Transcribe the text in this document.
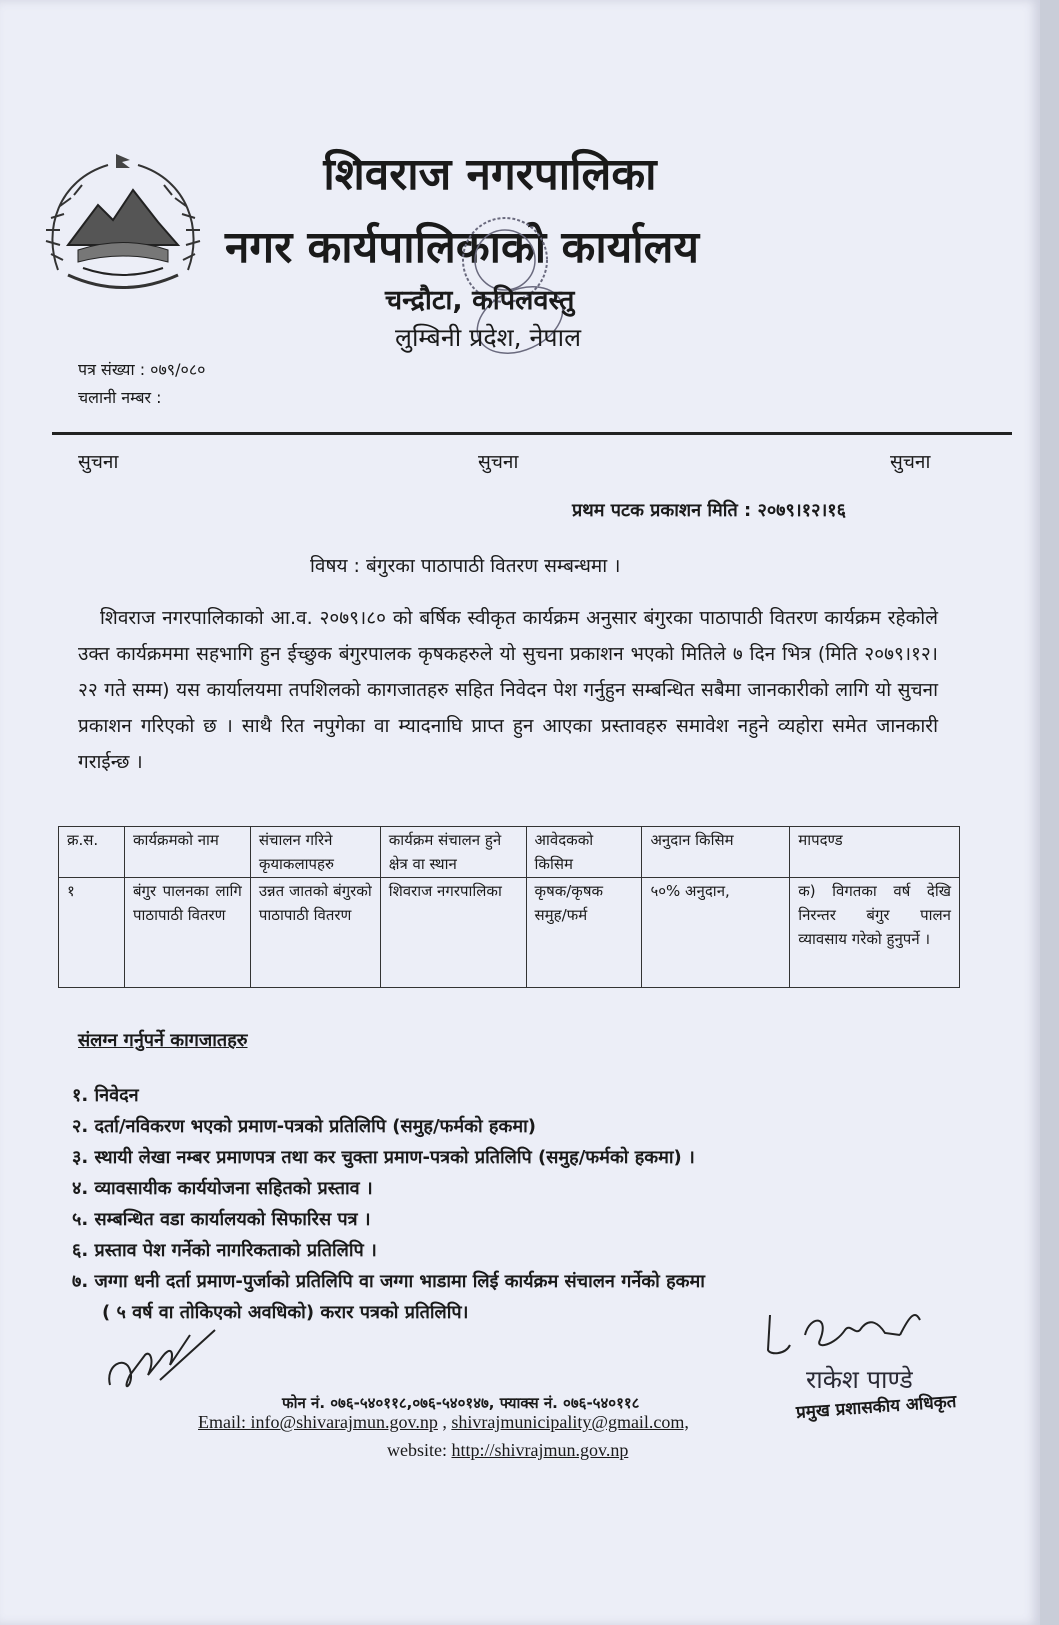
शिवराज नगरपालिका
नगर कार्यपालिकाको कार्यालय
चन्द्रौटा, कपिलवस्तु
लुम्बिनी प्रदेश, नेपाल
पत्र संख्या : ०७९/०८०
चलानी नम्बर :
सुचना	सुचना	सुचना
प्रथम पटक प्रकाशन मिति : २०७९।१२।१६
विषय : बंगुरका पाठापाठी वितरण सम्बन्धमा ।
शिवराज नगरपालिकाको आ.व. २०७९।८० को बर्षिक स्वीकृत कार्यक्रम अनुसार बंगुरका पाठापाठी वितरण कार्यक्रम रहेकोले उक्त कार्यक्रममा सहभागि हुन ईच्छुक बंगुरपालक कृषकहरुले यो सुचना प्रकाशन भएको मितिले ७ दिन भित्र (मिति २०७९।१२।२२ गते सम्म) यस कार्यालयमा तपशिलको कागजातहरु सहित निवेदन पेश गर्नुहुन सम्बन्धित सबैमा जानकारीको लागि यो सुचना प्रकाशन गरिएको छ । साथै रित नपुगेका वा म्यादनाघि प्राप्त हुन आएका प्रस्तावहरु समावेश नहुने व्यहोरा समेत जानकारी गराईन्छ ।
क्र.स.	कार्यक्रमको नाम	संचालन गरिने कृयाकलापहरु	कार्यक्रम संचालन हुने क्षेत्र वा स्थान	आवेदकको किसिम	अनुदान किसिम	मापदण्ड
१	बंगुर पालनका लागि पाठापाठी वितरण	उन्नत जातको बंगुरको पाठापाठी वितरण	शिवराज नगरपालिका	कृषक/कृषक समुह/फर्म	५०% अनुदान,	क) विगतका वर्ष देखि निरन्तर बंगुर पालन व्यावसाय गरेको हुनुपर्ने ।
संलग्न गर्नुपर्ने कागजातहरु
१. निवेदन
२. दर्ता/नविकरण भएको प्रमाण-पत्रको प्रतिलिपि (समुह/फर्मको हकमा)
३. स्थायी लेखा नम्बर प्रमाणपत्र तथा कर चुक्ता प्रमाण-पत्रको प्रतिलिपि (समुह/फर्मको हकमा) ।
४. व्यावसायीक कार्ययोजना सहितको प्रस्ताव ।
५. सम्बन्धित वडा कार्यालयको सिफारिस पत्र ।
६. प्रस्ताव पेश गर्नेको नागरिकताको प्रतिलिपि ।
७. जग्गा धनी दर्ता प्रमाण-पुर्जाको प्रतिलिपि वा जग्गा भाडामा लिई कार्यक्रम संचालन गर्नेको हकमा
( ५ वर्ष वा तोकिएको अवधिको) करार पत्रको प्रतिलिपि।
राकेश पाण्डे
प्रमुख प्रशासकीय अधिकृत
फोन नं. ०७६-५४०११८,०७६-५४०१४७, फ्याक्स नं. ०७६-५४०११८
Email: info@shivarajmun.gov.np , shivrajmunicipality@gmail.com,
website: http://shivrajmun.gov.np
